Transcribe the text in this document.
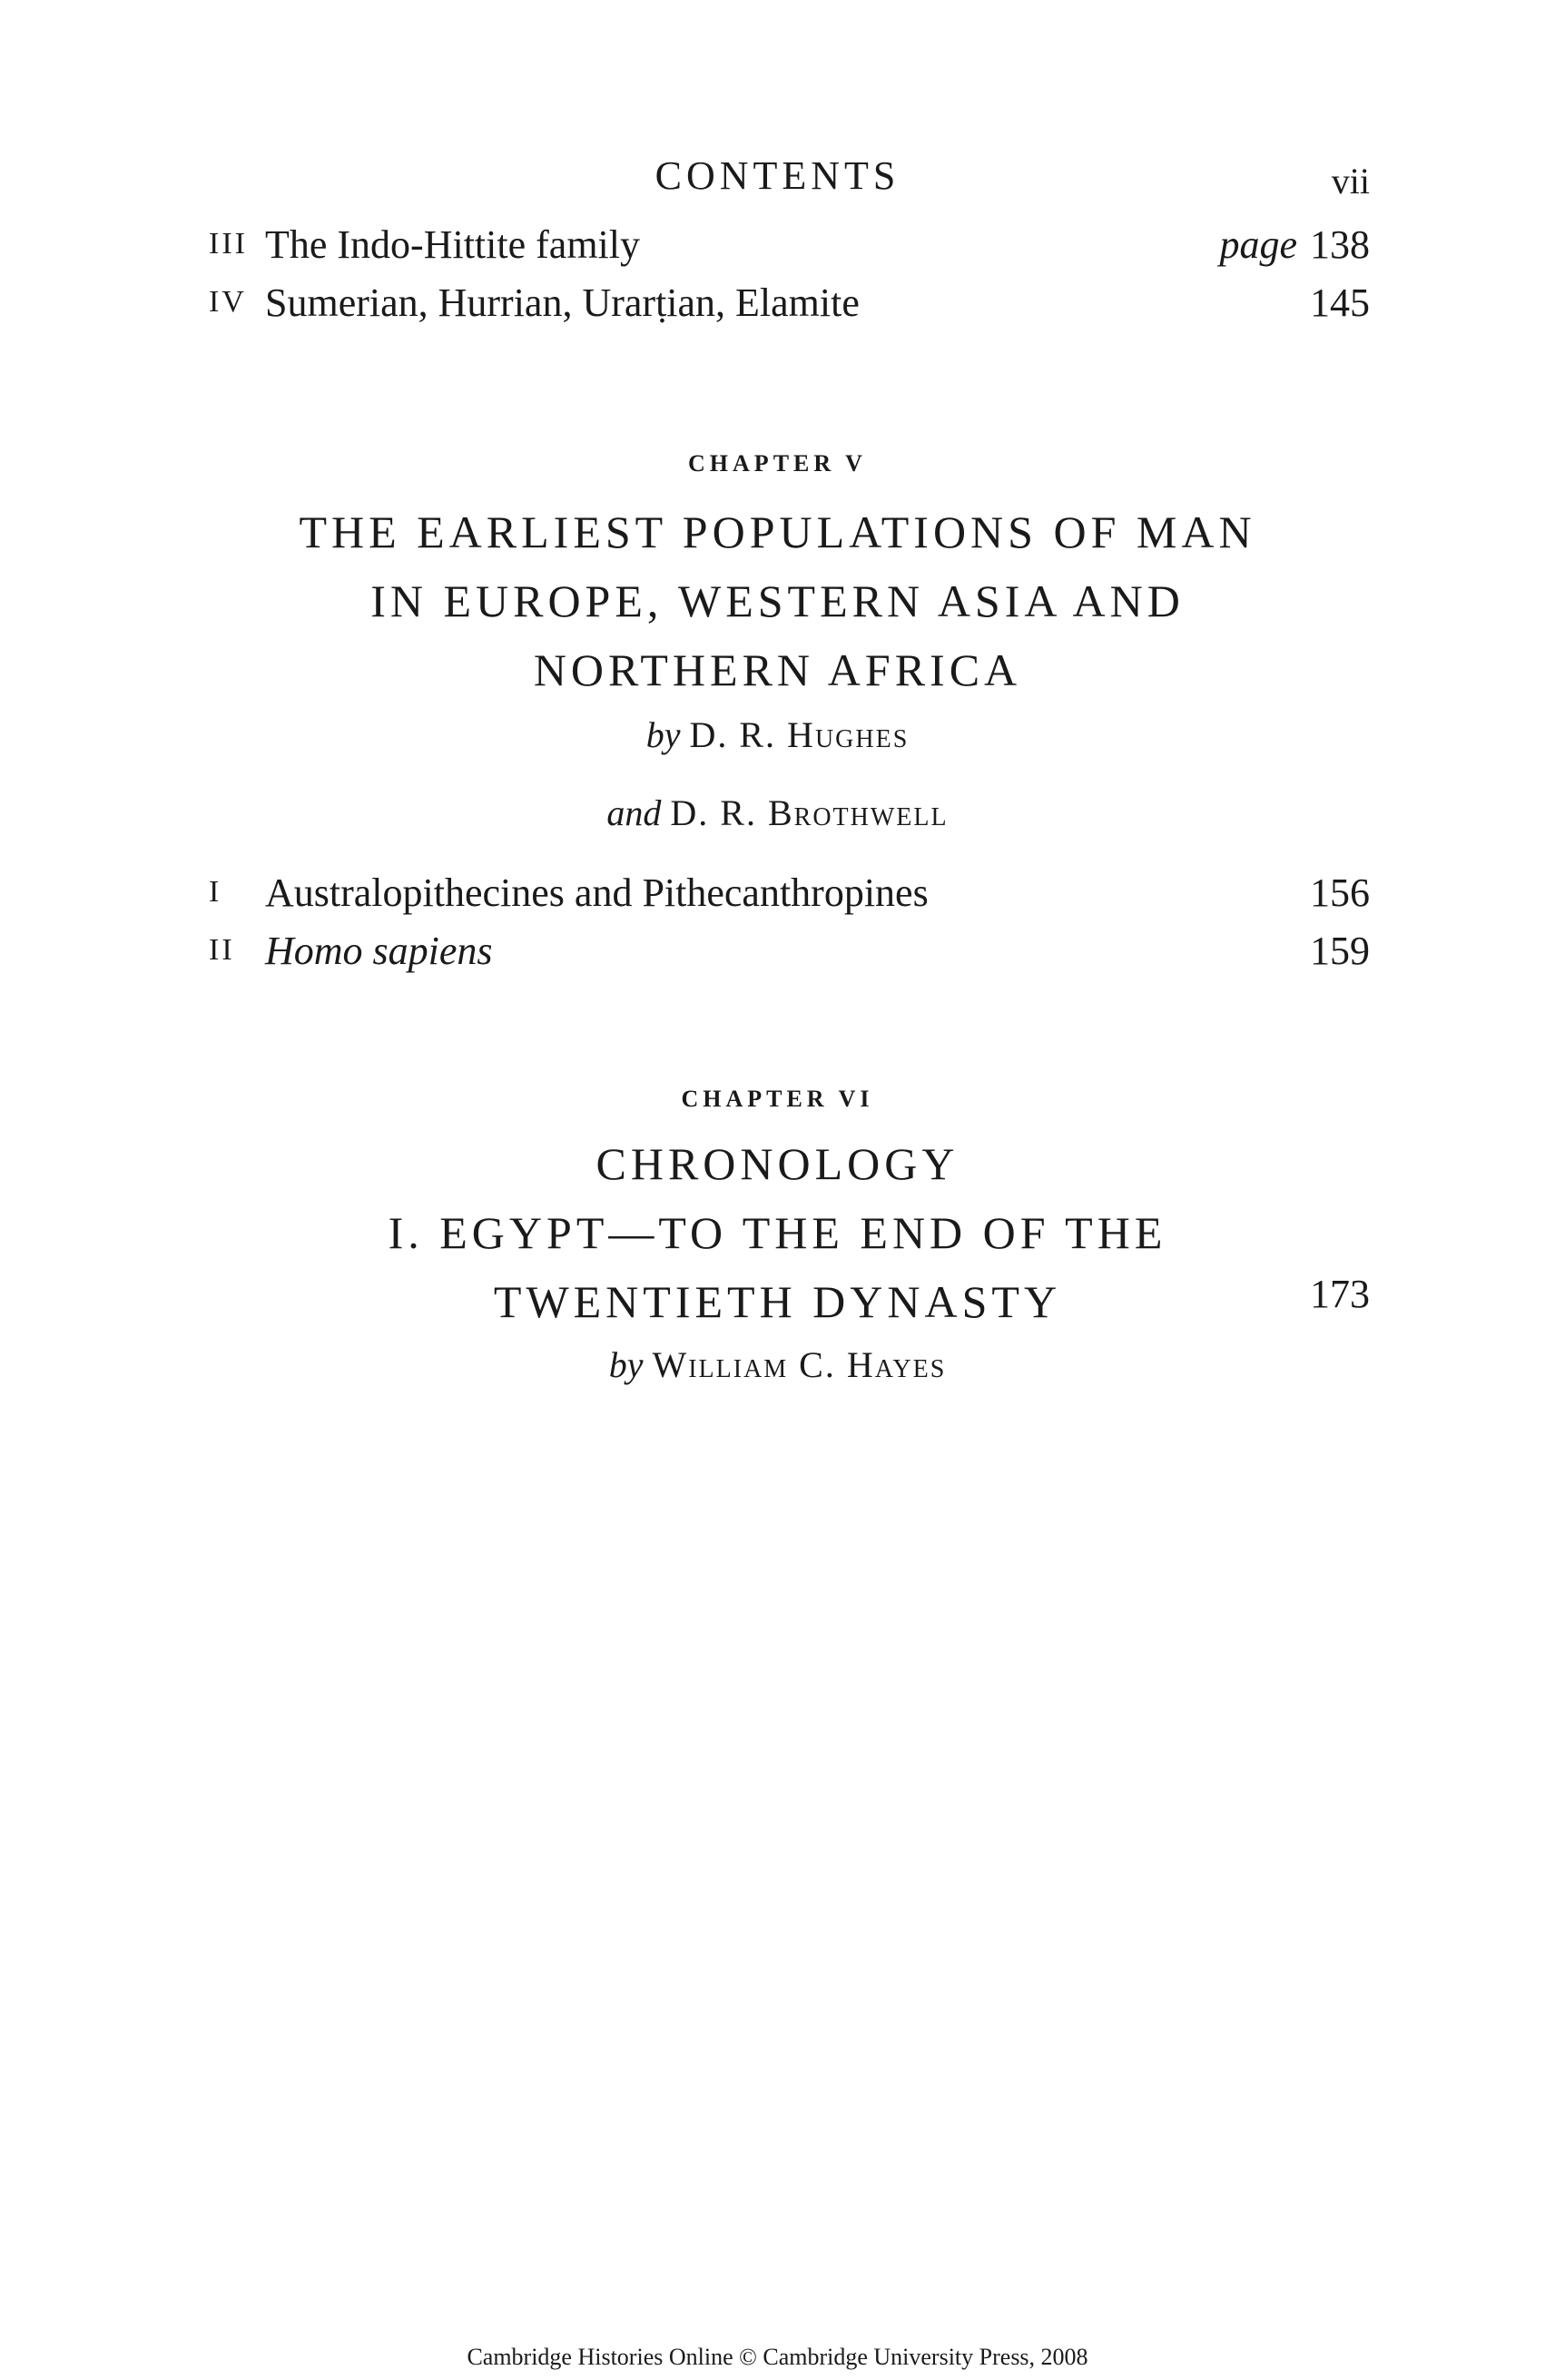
CONTENTS	vii
III The Indo-Hittite family	page 138
IV Sumerian, Hurrian, Urarṭian, Elamite	145
CHAPTER V
THE EARLIEST POPULATIONS OF MAN
IN EUROPE, WESTERN ASIA AND
NORTHERN AFRICA
by D. R. Hughes
and D. R. Brothwell
I Australopithecines and Pithecanthropines	156
II Homo sapiens	159
CHAPTER VI
CHRONOLOGY
I. EGYPT—TO THE END OF THE
TWENTIETH DYNASTY	173
by William C. Hayes
Cambridge Histories Online © Cambridge University Press, 2008
